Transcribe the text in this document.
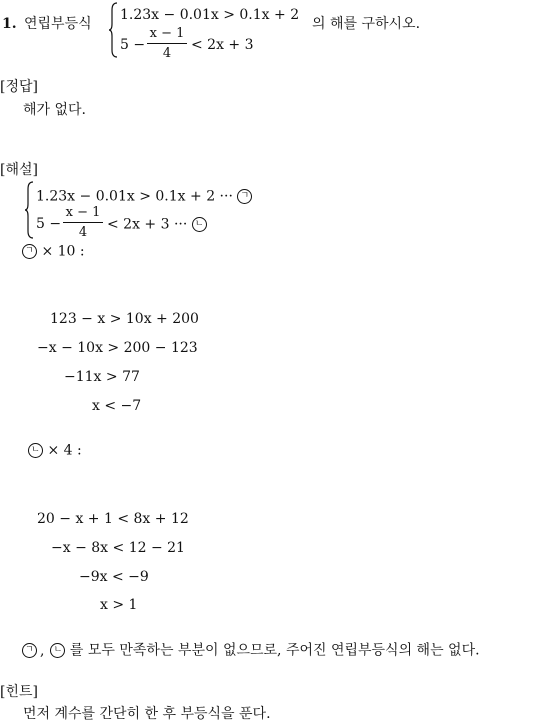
1. 연립부등식
1.23x − 0.01x > 0.1x + 2
5 −
x − 1
4
< 2x + 3
의 해를 구하시오.
[정답]
해가 없다.
[해설]
1.23x − 0.01x > 0.1x + 2 ··· ㄱ
5 −
x − 1
4	< 2x + 3 ··· ㄴ
ㄱ × 10 :
123 − x > 10x + 200
−x − 10x > 200 − 123
−11x > 77
x < −7
ㄴ × 4 :
20 − x + 1 < 8x + 12
−x − 8x < 12 − 21
−9x < −9
x > 1
ㄱ , ㄴ 를 모두 만족하는 부분이 없으므로, 주어진 연립부등식의 해는 없다.
[힌트]
먼저 계수를 간단히 한 후 부등식을 푼다.
